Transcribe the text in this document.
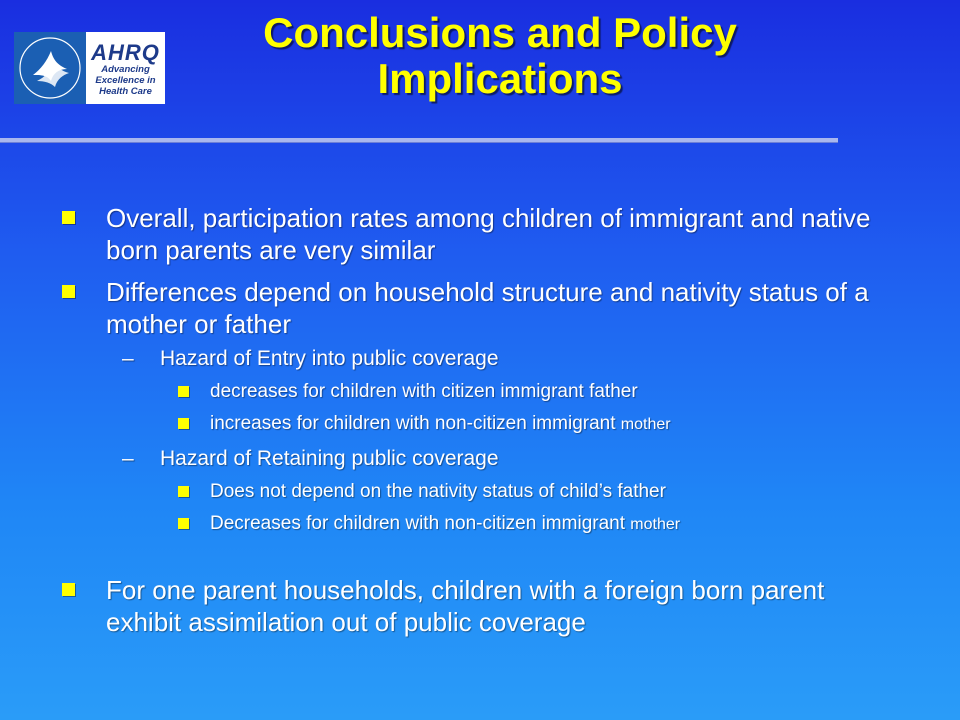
AHRQ
Advancing
Excellence in
Health Care
Conclusions and Policy
Implications
Overall, participation rates among children of immigrant and native born parents are very similar
Differences depend on household structure and nativity status of a mother or father
–	Hazard of Entry into public coverage
decreases for children with citizen immigrant father
increases for children with non-citizen immigrant mother
–	Hazard of Retaining public coverage
Does not depend on the nativity status of child’s father
Decreases for children with non-citizen immigrant mother
For one parent households, children with a foreign born parent exhibit assimilation out of public coverage
